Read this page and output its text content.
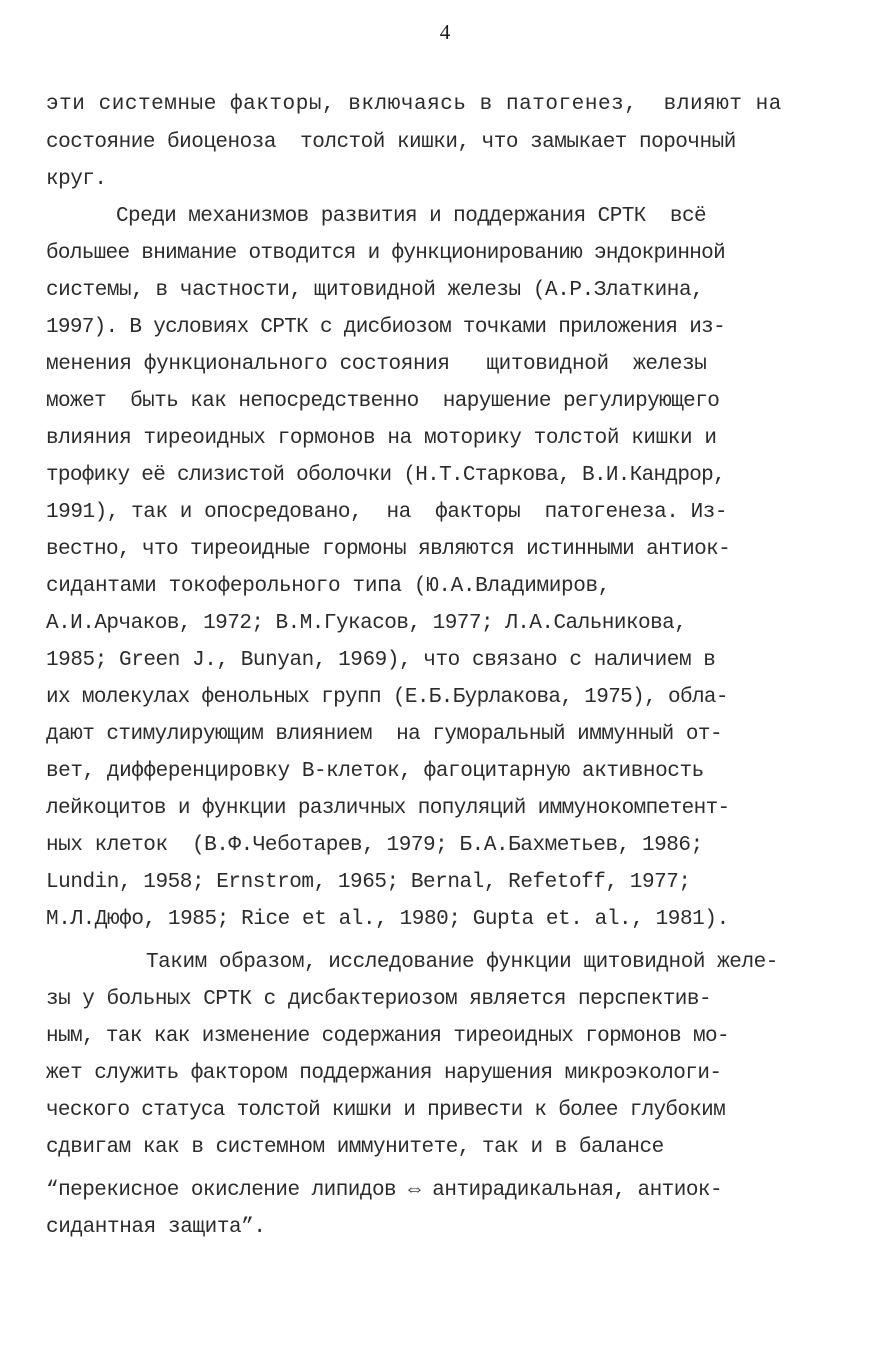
4

эти системные факторы, включаясь в патогенез,  влияют на

состояние биоценоза  толстой кишки, что замыкает порочный

круг.

Среди механизмов развития и поддержания СРТК  всё

большее внимание отводится и функционированию эндокринной

системы, в частности, щитовидной железы (А.Р.Златкина,

1997). В условиях СРТК с дисбиозом точками приложения из-

менения функционального состояния   щитовидной  железы

может  быть как непосредственно  нарушение регулирующего

влияния тиреоидных гормонов на моторику толстой кишки и

трофику её слизистой оболочки (Н.Т.Старкова, В.И.Кандрор,

1991), так и опосредовано,  на  факторы  патогенеза. Из-

вестно, что тиреоидные гормоны являются истинными антиок-

сидантами токоферольного типа (Ю.А.Владимиров,

А.И.Арчаков, 1972; В.М.Гукасов, 1977; Л.А.Сальникова,

1985; Green J., Bunyan, 1969), что связано с наличием в

их молекулах фенольных групп (Е.Б.Бурлакова, 1975), обла-

дают стимулирующим влиянием  на гуморальный иммунный от-

вет, дифференцировку В-клеток, фагоцитарную активность

лейкоцитов и функции различных популяций иммунокомпетент-

ных клеток  (В.Ф.Чеботарев, 1979; Б.А.Бахметьев, 1986;

Lundin, 1958; Ernstrom, 1965; Bernal, Refetoff, 1977;

М.Л.Дюфо, 1985; Rice et al., 1980; Gupta et. al., 1981).

Таким образом, исследование функции щитовидной желе-

зы у больных СРТК с дисбактериозом является перспектив-

ным, так как изменение содержания тиреоидных гормонов мо-

жет служить фактором поддержания нарушения микроэкологи-

ческого статуса толстой кишки и привести к более глубоким

сдвигам как в системном иммунитете, так и в балансе

“перекисное окисление липидов ⇔ антирадикальная, антиок-

сидантная защита”.
